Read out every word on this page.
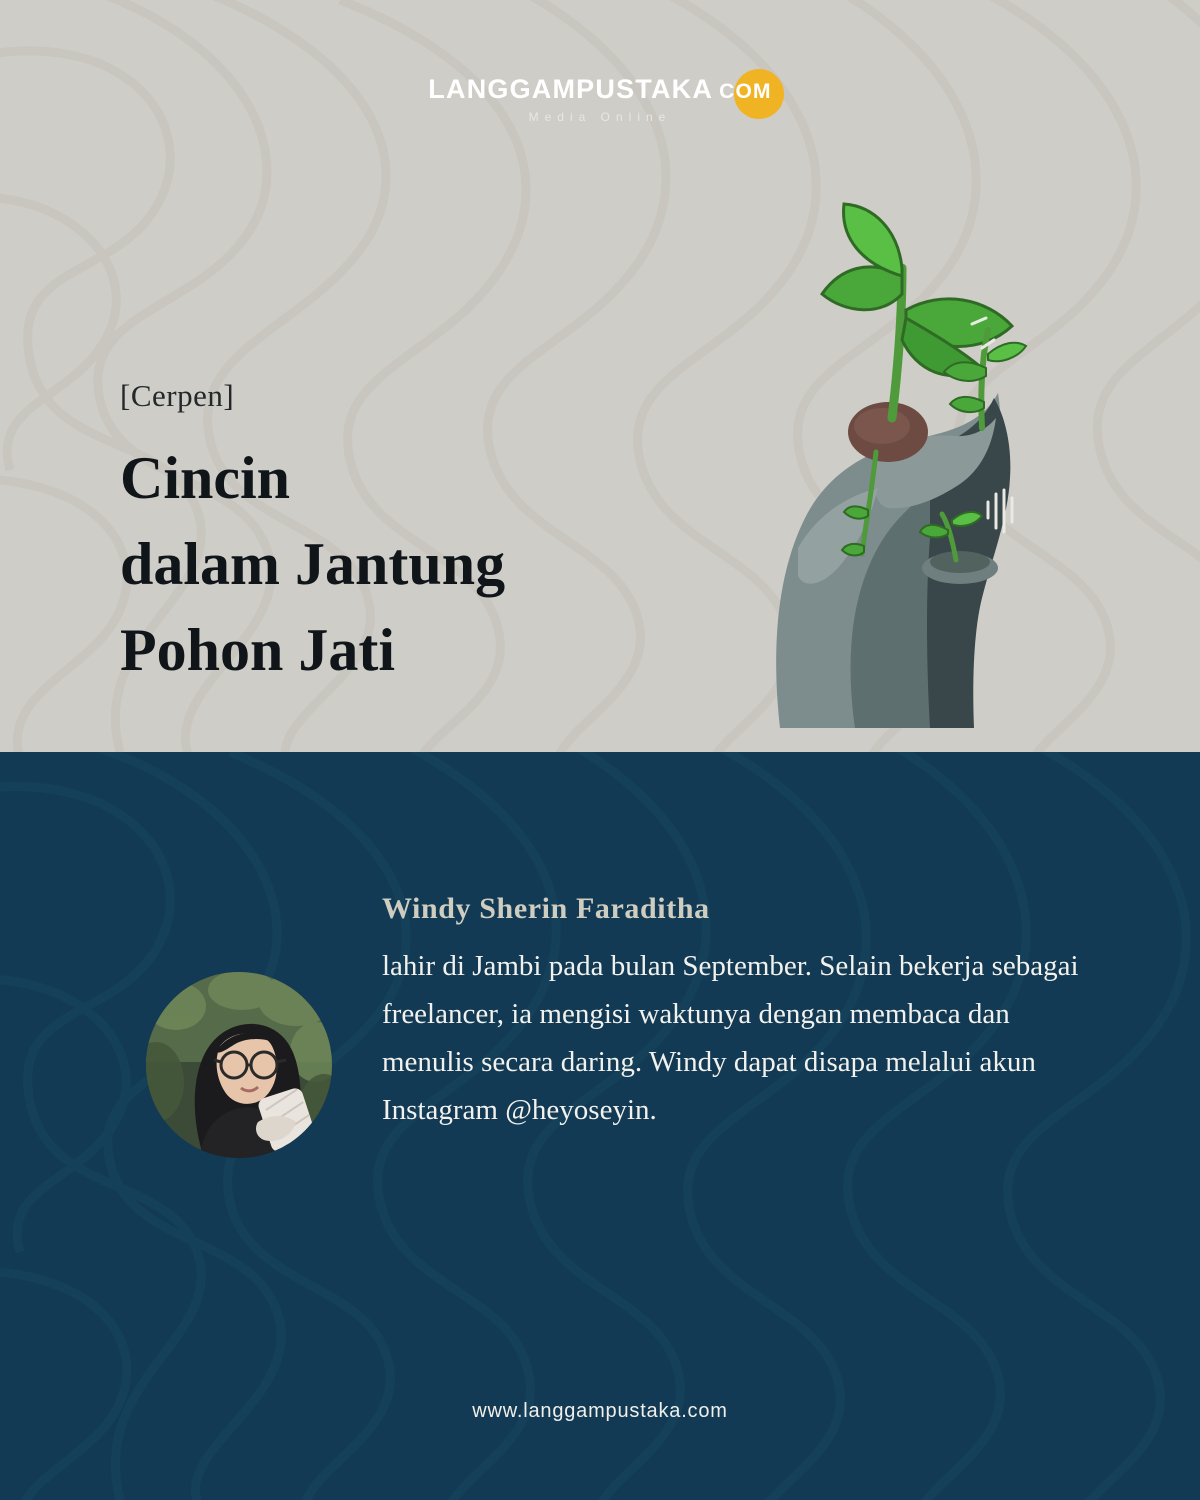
LANGGAMPUSTAKA COM
Media Online
[Cerpen]
Cincin
dalam Jantung
Pohon Jati
Windy Sherin Faraditha
lahir di Jambi pada bulan September. Selain bekerja sebagai freelancer, ia mengisi waktunya dengan membaca dan menulis secara daring. Windy dapat disapa melalui akun Instagram @heyoseyin.
www.langgampustaka.com
